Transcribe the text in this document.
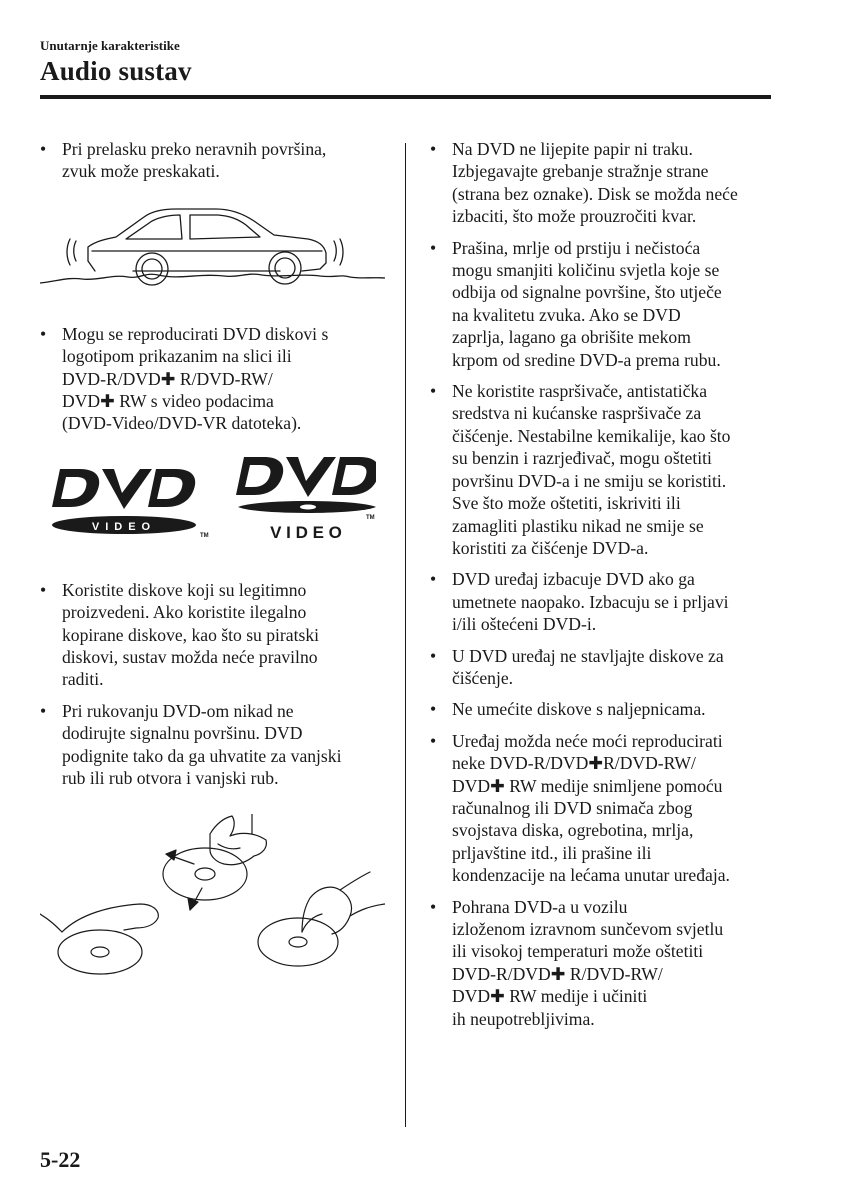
Unutarnje karakteristike
Audio sustav

• Pri prelasku preko neravnih površina,
zvuk može preskakati.

• Mogu se reproducirati DVD diskovi s
logotipom prikazanim na slici ili
DVD-R/DVD✚ R/DVD-RW/
DVD✚ RW s video podacima
(DVD-Video/DVD-VR datoteka).

VIDEO
TM	V I D E O
TM

• Koristite diskove koji su legitimno
proizvedeni. Ako koristite ilegalno
kopirane diskove, kao što su piratski
diskovi, sustav možda neće pravilno
raditi.

• Pri rukovanju DVD-om nikad ne
dodirujte signalnu površinu. DVD
podignite tako da ga uhvatite za vanjski
rub ili rub otvora i vanjski rub.

• Na DVD ne lijepite papir ni traku.
Izbjegavajte grebanje stražnje strane
(strana bez oznake). Disk se možda neće
izbaciti, što može prouzročiti kvar.

• Prašina, mrlje od prstiju i nečistoća
mogu smanjiti količinu svjetla koje se
odbija od signalne površine, što utječe
na kvalitetu zvuka. Ako se DVD
zaprlja, lagano ga obrišite mekom
krpom od sredine DVD-a prema rubu.

• Ne koristite raspršivače, antistatička
sredstva ni kućanske raspršivače za
čišćenje. Nestabilne kemikalije, kao što
su benzin i razrjeđivač, mogu oštetiti
površinu DVD-a i ne smiju se koristiti.
Sve što može oštetiti, iskriviti ili
zamagliti plastiku nikad ne smije se
koristiti za čišćenje DVD-a.

• DVD uređaj izbacuje DVD ako ga
umetnete naopako. Izbacuju se i prljavi
i/ili oštećeni DVD-i.

• U DVD uređaj ne stavljajte diskove za
čišćenje.

• Ne umećite diskove s naljepnicama.

• Uređaj možda neće moći reproducirati
neke DVD-R/DVD✚R/DVD-RW/
DVD✚ RW medije snimljene pomoću
računalnog ili DVD snimača zbog
svojstava diska, ogrebotina, mrlja,
prljavštine itd., ili prašine ili
kondenzacije na lećama unutar uređaja.

• Pohrana DVD-a u vozilu
izloženom izravnom sunčevom svjetlu
ili visokoj temperaturi može oštetiti
DVD-R/DVD✚ R/DVD-RW/
DVD✚ RW medije i učiniti
ih neupotrebljivima.

5-22
